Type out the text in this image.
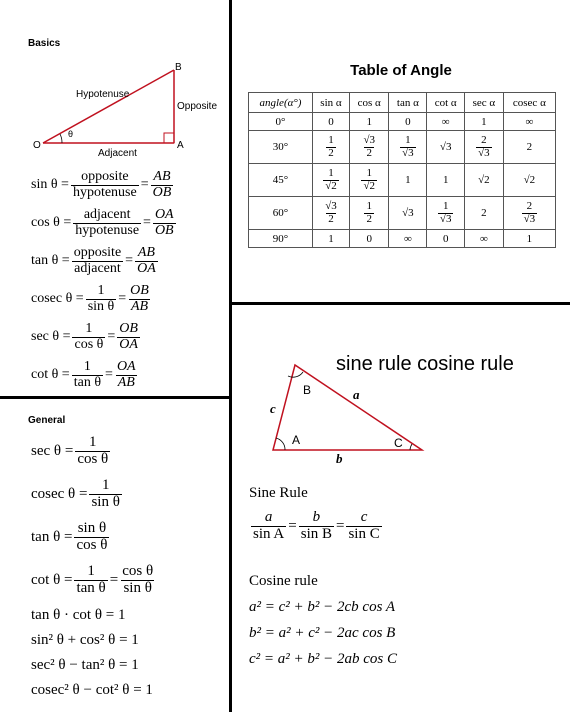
Basics
Hypotenuse
Opposite
Adjacent
O	A
B
θ
$\sin \theta = \frac{\text{opposite}}{\text{hypotenuse}} = \frac{AB}{OB}$
$\cos \theta = \frac{\text{adjacent}}{\text{hypotenuse}} = \frac{OA}{OB}$
$\tan \theta = \frac{\text{opposite}}{\text{adjacent}} = \frac{AB}{OA}$
cosec $\theta = \frac{1}{\text{sin θ}} = \frac{OB}{AB}$
$\sec \theta = \frac{1}{\text{cos θ}} = \frac{OB}{OA}$
$\cot \theta = \frac{1}{\text{tan θ}} = \frac{OA}{AB}$
General
$\sec \theta = \frac{1}{\text{cos θ}}$
cosec $\theta = \frac{1}{\text{sin θ}}$
$\tan \theta = \frac{\text{sin θ}}{\text{cos θ}}$
$\cot \theta = \frac{1}{\text{tan θ}} = \frac{\text{cos θ}}{\text{sin θ}}$
tan θ · cot θ = 1
sin² θ + cos² θ = 1
sec² θ − tan² θ = 1
cosec² θ − cot² θ = 1
Table of Angle
angle(α°)	sin α	cos α	tan α	cot α	sec α	cosec α
0°	0	1	0	∞	1	∞
30°	$\frac{1}{2}$	$\frac{√3}{2}$	$\frac{1}{√3}$	√3	$\frac{2}{√3}$	2
45°	$\frac{1}{√2}$	$\frac{1}{√2}$	1	1	√2	√2
60°	$\frac{√3}{2}$	$\frac{1}{2}$	√3	$\frac{1}{√3}$	2	$\frac{2}{√3}$

90°	1	0	∞	0	∞	1
sine rule cosine rule
B
A	C
a
b
c
Sine Rule
$\frac{a}{\text{sin A}} = \frac{b}{\text{sin B}} = \frac{c}{\text{sin C}}$
Cosine rule
a² = c² + b² − 2cb cos A
b² = a² + c² − 2ac cos B
c² = a² + b² − 2ab cos C
